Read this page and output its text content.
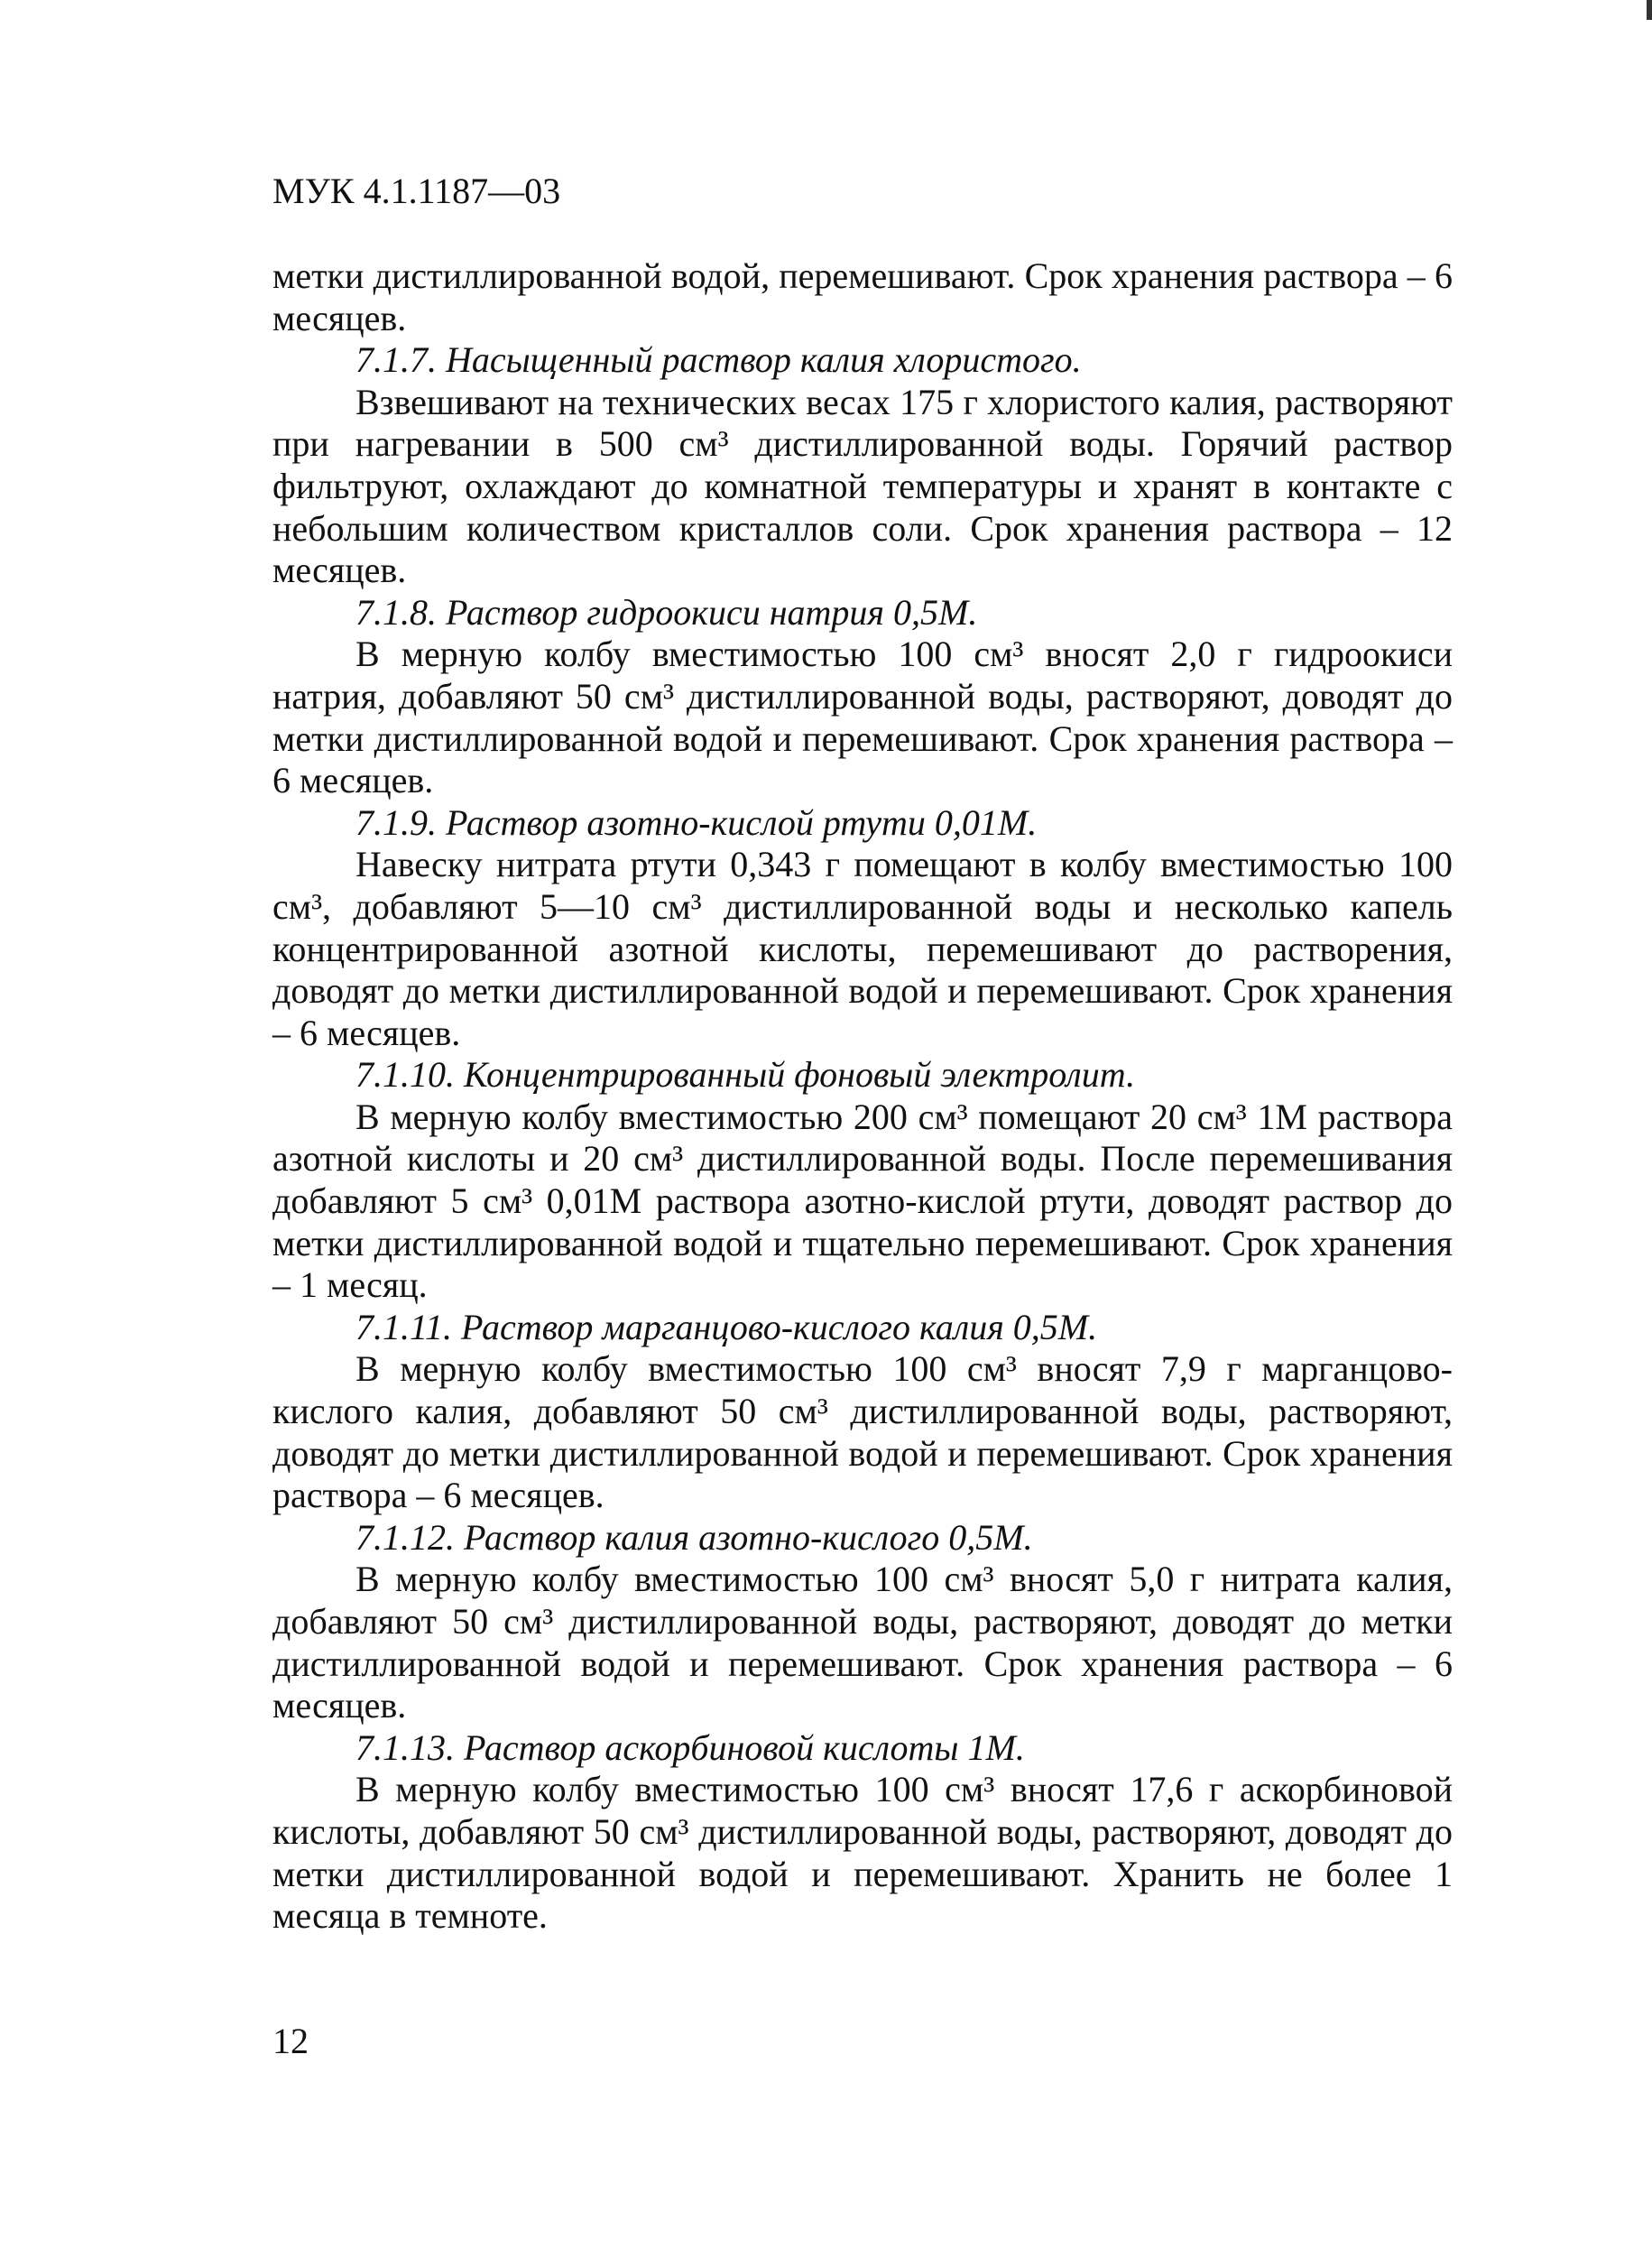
МУК 4.1.1187—03

метки дистиллированной водой, перемешивают. Срок хранения раствора – 6 месяцев.

7.1.7. Насыщенный раствор калия хлористого.

Взвешивают на технических весах 175 г хлористого калия, растворяют при нагревании в 500 см³ дистиллированной воды. Горячий раствор фильтруют, охлаждают до комнатной температуры и хранят в контакте с небольшим количеством кристаллов соли. Срок хранения раствора – 12 месяцев.

7.1.8. Раствор гидроокиси натрия 0,5М.

В мерную колбу вместимостью 100 см³ вносят 2,0 г гидроокиси натрия, добавляют 50 см³ дистиллированной воды, растворяют, доводят до метки дистиллированной водой и перемешивают. Срок хранения раствора – 6 месяцев.

7.1.9. Раствор азотно-кислой ртути 0,01М.

Навеску нитрата ртути 0,343 г помещают в колбу вместимостью 100 см³, добавляют 5—10 см³ дистиллированной воды и несколько капель концентрированной азотной кислоты, перемешивают до растворения, доводят до метки дистиллированной водой и перемешивают. Срок хранения – 6 месяцев.

7.1.10. Концентрированный фоновый электролит.

В мерную колбу вместимостью 200 см³ помещают 20 см³ 1М раствора азотной кислоты и 20 см³ дистиллированной воды. После перемешивания добавляют 5 см³ 0,01М раствора азотно-кислой ртути, доводят раствор до метки дистиллированной водой и тщательно перемешивают. Срок хранения – 1 месяц.

7.1.11. Раствор марганцово-кислого калия 0,5М.

В мерную колбу вместимостью 100 см³ вносят 7,9 г марганцово-кислого калия, добавляют 50 см³ дистиллированной воды, растворяют, доводят до метки дистиллированной водой и перемешивают. Срок хранения раствора – 6 месяцев.

7.1.12. Раствор калия азотно-кислого 0,5М.

В мерную колбу вместимостью 100 см³ вносят 5,0 г нитрата калия, добавляют 50 см³ дистиллированной воды, растворяют, доводят до метки дистиллированной водой и перемешивают. Срок хранения раствора – 6 месяцев.

7.1.13. Раствор аскорбиновой кислоты 1М.

В мерную колбу вместимостью 100 см³ вносят 17,6 г аскорбиновой кислоты, добавляют 50 см³ дистиллированной воды, растворяют, доводят до метки дистиллированной водой и перемешивают. Хранить не более 1 месяца в темноте.

12
